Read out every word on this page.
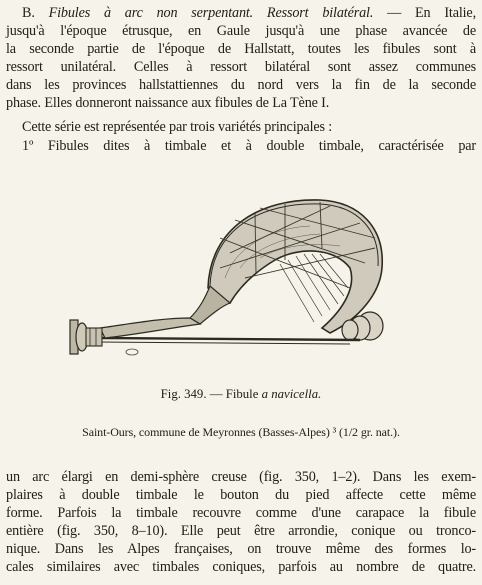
B. Fibules à arc non serpentant. Ressort bilatéral. — En Italie,
jusqu'à l'époque étrusque, en Gaule jusqu'à une phase avancée de
la seconde partie de l'époque de Hallstatt, toutes les fibules sont à
ressort unilatéral. Celles à ressort bilatéral sont assez communes
dans les provinces hallstattiennes du nord vers la fin de la seconde
phase. Elles donneront naissance aux fibules de La Tène I.
Cette série est représentée par trois variétés principales :
1º Fibules dites à timbale et à double timbale, caractérisée par
Fig. 349. — Fibule a navicella.
Saint-Ours, commune de Meyronnes (Basses-Alpes) ³ (1/2 gr. nat.).
un arc élargi en demi-sphère creuse (fig. 350, 1–2). Dans les exem-
plaires à double timbale le bouton du pied affecte cette même
forme. Parfois la timbale recouvre comme d'une carapace la fibule
entière (fig. 350, 8–10). Elle peut être arrondie, conique ou tronco-
nique. Dans les Alpes françaises, on trouve même des formes lo-
cales similaires avec timbales coniques, parfois au nombre de quatre.
